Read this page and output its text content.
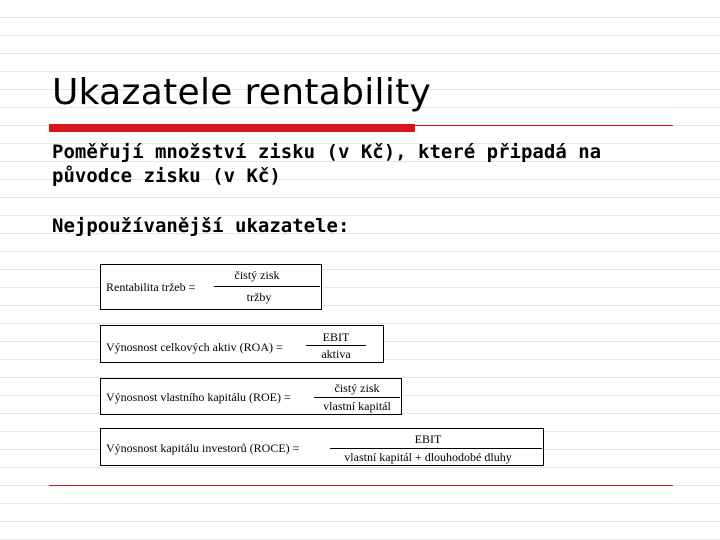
Ukazatele rentability
Poměřují množství zisku (v Kč), které připadá na původce zisku (v Kč)
Nejpoužívanější ukazatele:
Rentabilita tržeb =
čistý zisk
tržby
Výnosnost celkových aktiv (ROA) =
EBIT
aktiva
Výnosnost vlastního kapitálu (ROE) =
čistý zisk
vlastní kapitál
Výnosnost kapitálu investorů (ROCE) =
EBIT
vlastní kapitál + dlouhodobé dluhy
